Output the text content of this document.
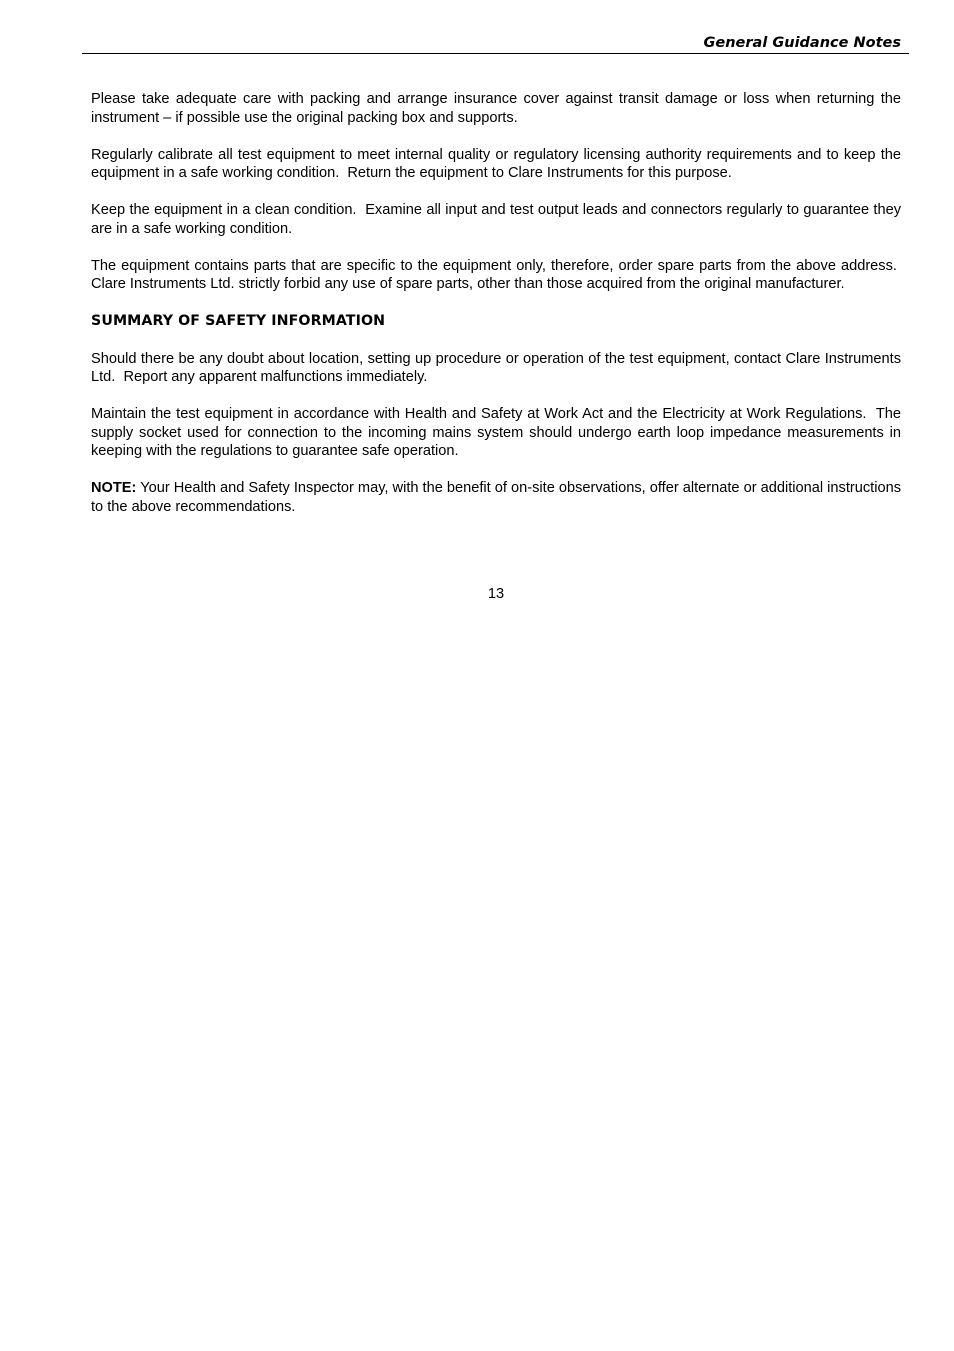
General Guidance Notes

Please take adequate care with packing and arrange insurance cover against transit damage or loss when returning the instrument – if possible use the original packing box and supports.

Regularly calibrate all test equipment to meet internal quality or regulatory licensing authority requirements and to keep the equipment in a safe working condition.  Return the equipment to Clare Instruments for this purpose.

Keep the equipment in a clean condition.  Examine all input and test output leads and connectors regularly to guarantee they are in a safe working condition.

The equipment contains parts that are specific to the equipment only, therefore, order spare parts from the above address.  Clare Instruments Ltd. strictly forbid any use of spare parts, other than those acquired from the original manufacturer.

SUMMARY OF SAFETY INFORMATION

Should there be any doubt about location, setting up procedure or operation of the test equipment, contact Clare Instruments Ltd.  Report any apparent malfunctions immediately.

Maintain the test equipment in accordance with Health and Safety at Work Act and the Electricity at Work Regulations.  The supply socket used for connection to the incoming mains system should undergo earth loop impedance measurements in keeping with the regulations to guarantee safe operation.

NOTE: Your Health and Safety Inspector may, with the benefit of on-site observations, offer alternate or additional instructions to the above recommendations.

13
